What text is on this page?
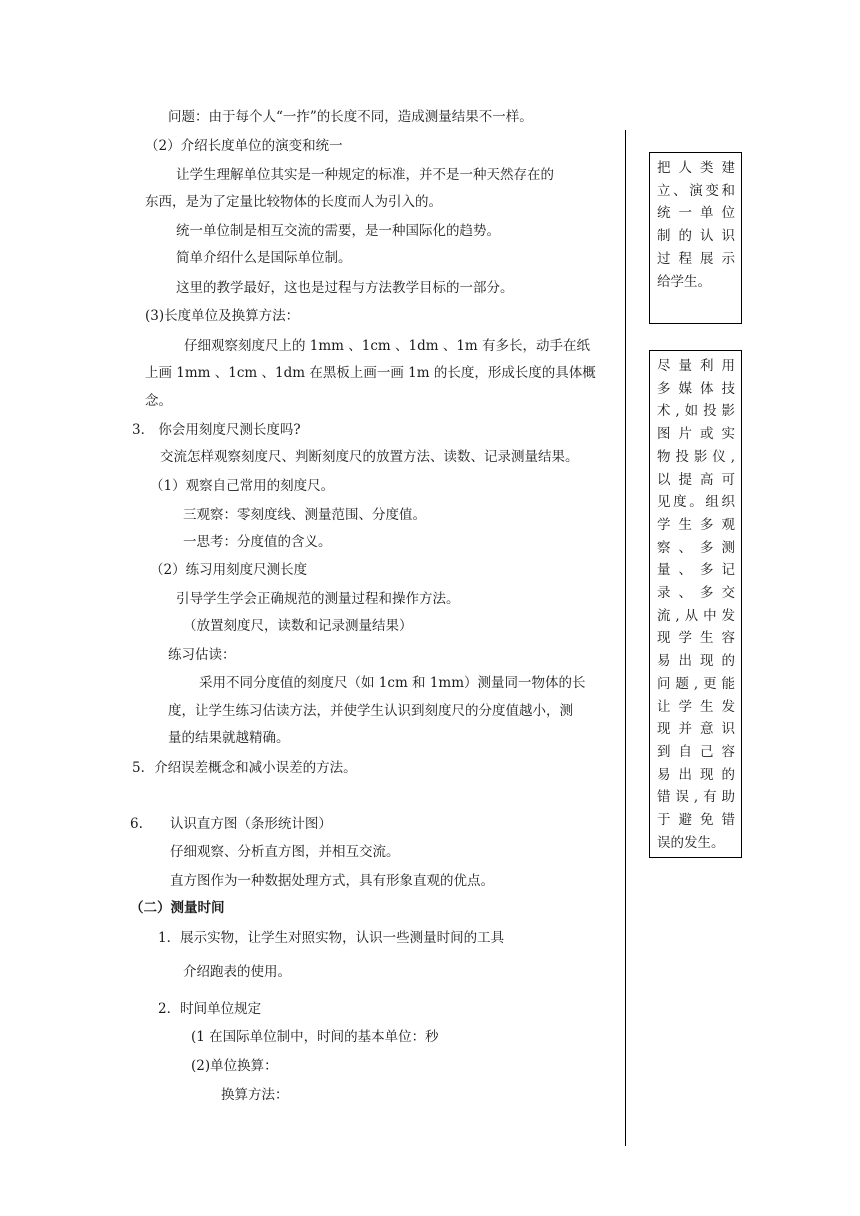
问题：由于每个人“一拃”的长度不同，造成测量结果不一样。
（2）介绍长度单位的演变和统一
让学生理解单位其实是一种规定的标准，并不是一种天然存在的
东西，是为了定量比较物体的长度而人为引入的。
统一单位制是相互交流的需要，是一种国际化的趋势。
简单介绍什么是国际单位制。
这里的教学最好，这也是过程与方法教学目标的一部分。
(3)长度单位及换算方法：
仔细观察刻度尺上的 1mm 、1cm 、1dm 、1m 有多长，动手在纸
上画 1mm 、1cm 、1dm 在黑板上画一画 1m 的长度，形成长度的具体概
念。
3． 你会用刻度尺测长度吗?
交流怎样观察刻度尺、判断刻度尺的放置方法、读数、记录测量结果。
（1）观察自己常用的刻度尺。
三观察：零刻度线、测量范围、分度值。
一思考：分度值的含义。
（2）练习用刻度尺测长度
引导学生学会正确规范的测量过程和操作方法。
（放置刻度尺，读数和记录测量结果）
练习估读：
采用不同分度值的刻度尺（如 1cm 和 1mm）测量同一物体的长
度，让学生练习估读方法，并使学生认识到刻度尺的分度值越小，测
量的结果就越精确。
5．介绍误差概念和减小误差的方法。
6.　　认识直方图（条形统计图）
仔细观察、分析直方图，并相互交流。
直方图作为一种数据处理方式，具有形象直观的优点。
（二）测量时间
1．展示实物，让学生对照实物，认识一些测量时间的工具
介绍跑表的使用。
2．时间单位规定
(1 在国际单位制中，时间的基本单位：秒
(2)单位换算：
换算方法：
把人类建
立、演变和
统一单位
制的认识
过程展示
给学生。
尽量利用
多媒体技
术,如投影
图片或实
物投影仪,
以提高可
见度。组织
学生多观
察、多测
量、多记
录、多交
流,从中发
现学生容
易出现的
问题,更能
让学生发
现并意识
到自己容
易出现的
错误,有助
于避免错
误的发生。
